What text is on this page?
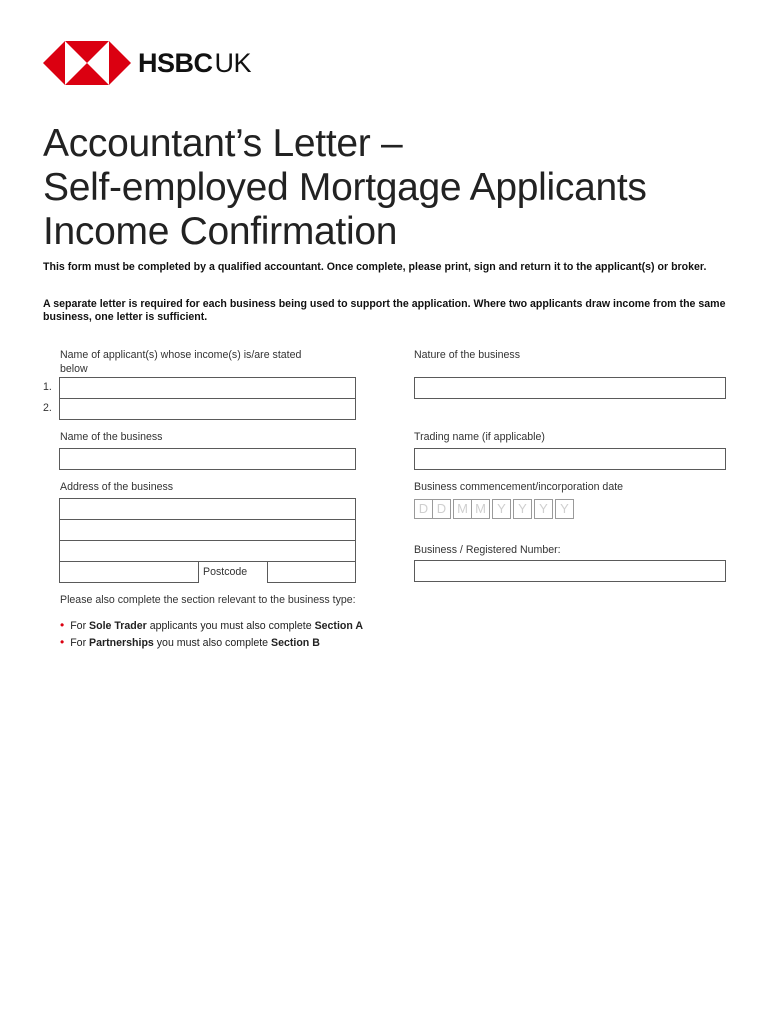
HSBCUK
Accountant’s Letter –
Self-employed Mortgage Applicants
Income Confirmation
This form must be completed by a qualified accountant. Once complete, please print, sign and return it to the applicant(s) or broker.
A separate letter is required for each business being used to support the application. Where two applicants draw income from the same business, one letter is sufficient.
Name of applicant(s) whose income(s) is/are stated below
1.
2.
Nature of the business
Name of the business	Trading name (if applicable)
Address of the business
Postcode
Business commencement/incorporation date
D D M M Y Y Y Y
Business / Registered Number:
Please also complete the section relevant to the business type:
• For Sole Trader applicants you must also complete Section A
• For Partnerships you must also complete Section B
